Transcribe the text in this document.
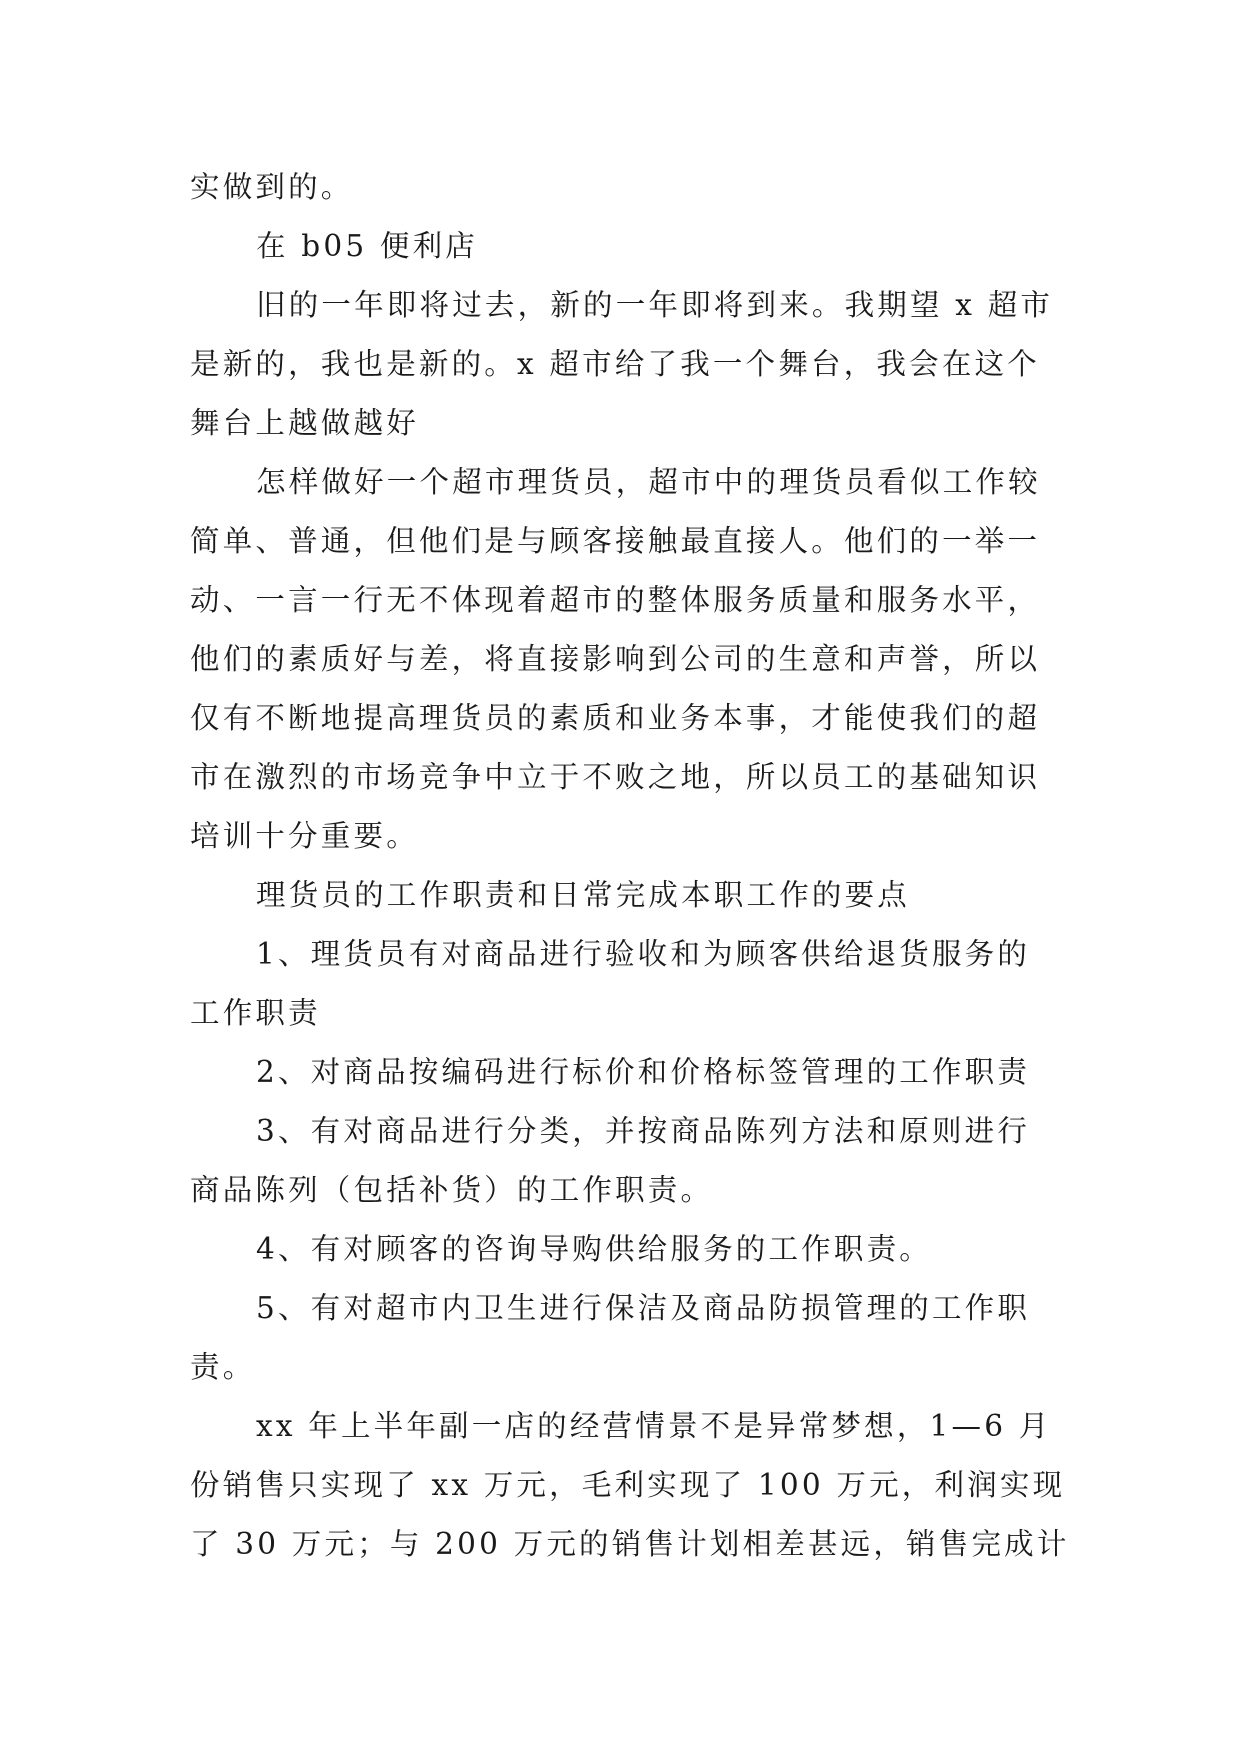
实做到的。
在 b05 便利店
旧的一年即将过去，新的一年即将到来。我期望 x 超市
是新的，我也是新的。x 超市给了我一个舞台，我会在这个
舞台上越做越好
怎样做好一个超市理货员，超市中的理货员看似工作较
简单、普通，但他们是与顾客接触最直接人。他们的一举一
动、一言一行无不体现着超市的整体服务质量和服务水平，
他们的素质好与差，将直接影响到公司的生意和声誉，所以
仅有不断地提高理货员的素质和业务本事，才能使我们的超
市在激烈的市场竞争中立于不败之地，所以员工的基础知识
培训十分重要。
理货员的工作职责和日常完成本职工作的要点
1、理货员有对商品进行验收和为顾客供给退货服务的
工作职责
2、对商品按编码进行标价和价格标签管理的工作职责
3、有对商品进行分类，并按商品陈列方法和原则进行
商品陈列（包括补货）的工作职责。
4、有对顾客的咨询导购供给服务的工作职责。
5、有对超市内卫生进行保洁及商品防损管理的工作职
责。
xx 年上半年副一店的经营情景不是异常梦想，1—6 月
份销售只实现了 xx 万元，毛利实现了 100 万元，利润实现
了 30 万元；与 200 万元的销售计划相差甚远，销售完成计
